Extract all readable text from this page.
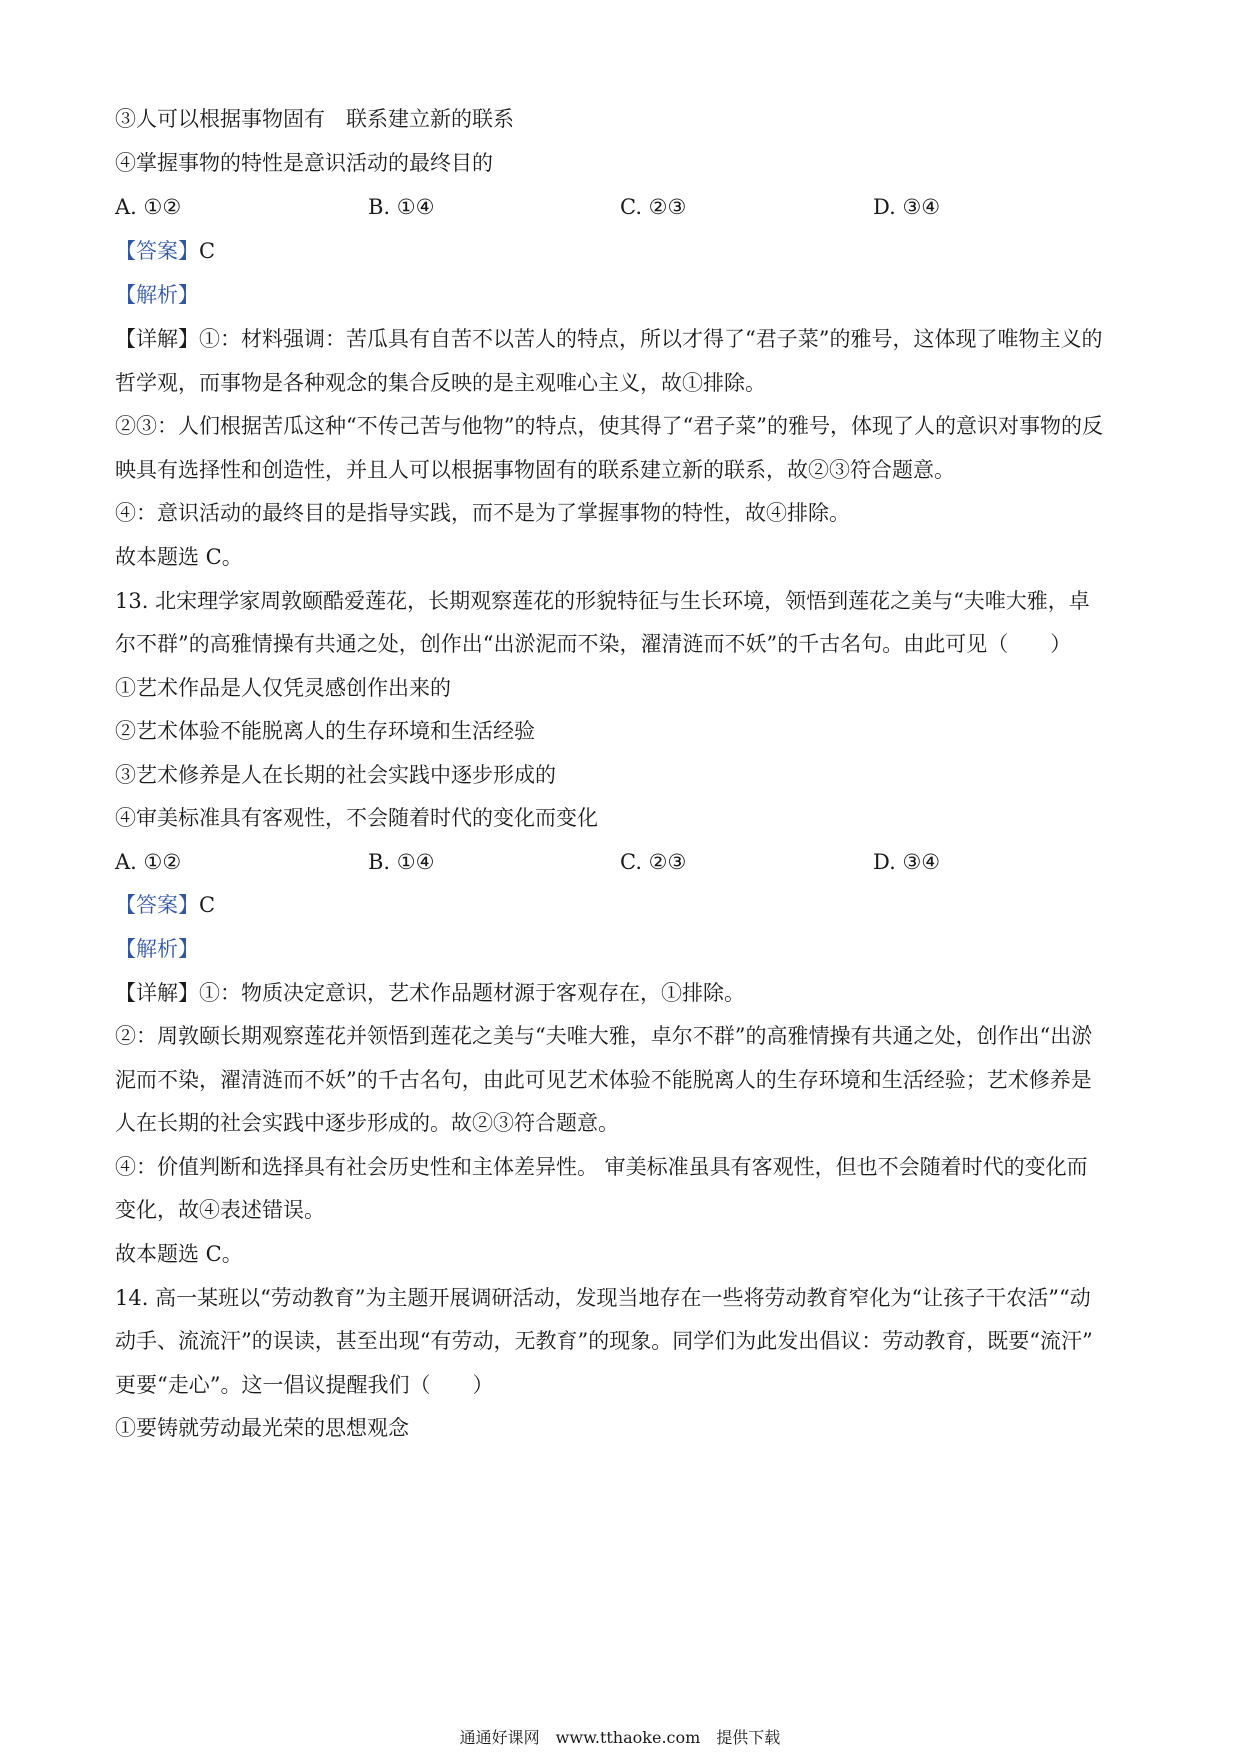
③人可以根据事物固有　联系建立新的联系
④掌握事物的特性是意识活动的最终目的
A. ①②	B. ①④	C. ②③	D. ③④
【答案】C
【解析】
【详解】①：材料强调：苦瓜具有自苦不以苦人的特点，所以才得了“君子菜”的雅号，这体现了唯物主义的
哲学观，而事物是各种观念的集合反映的是主观唯心主义，故①排除。
②③：人们根据苦瓜这种“不传己苦与他物”的特点，使其得了“君子菜”的雅号，体现了人的意识对事物的反
映具有选择性和创造性，并且人可以根据事物固有的联系建立新的联系，故②③符合题意。
④：意识活动的最终目的是指导实践，而不是为了掌握事物的特性，故④排除。
故本题选 C。
13. 北宋理学家周敦颐酷爱莲花，长期观察莲花的形貌特征与生长环境，领悟到莲花之美与“夫唯大雅，卓
尔不群”的高雅情操有共通之处，创作出“出淤泥而不染，濯清涟而不妖”的千古名句。由此可见（　　）
①艺术作品是人仅凭灵感创作出来的
②艺术体验不能脱离人的生存环境和生活经验
③艺术修养是人在长期的社会实践中逐步形成的
④审美标准具有客观性，不会随着时代的变化而变化
A. ①②	B. ①④	C. ②③	D. ③④
【答案】C
【解析】
【详解】①：物质决定意识，艺术作品题材源于客观存在，①排除。
②：周敦颐长期观察莲花并领悟到莲花之美与“夫唯大雅，卓尔不群”的高雅情操有共通之处，创作出“出淤
泥而不染，濯清涟而不妖”的千古名句，由此可见艺术体验不能脱离人的生存环境和生活经验；艺术修养是
人在长期的社会实践中逐步形成的。故②③符合题意。
④：价值判断和选择具有社会历史性和主体差异性。 审美标准虽具有客观性，但也不会随着时代的变化而
变化，故④表述错误。
故本题选 C。
14. 高一某班以“劳动教育”为主题开展调研活动，发现当地存在一些将劳动教育窄化为“让孩子干农活”“动
动手、流流汗”的误读，甚至出现“有劳动，无教育”的现象。同学们为此发出倡议：劳动教育，既要“流汗”
更要“走心”。这一倡议提醒我们（　　）
①要铸就劳动最光荣的思想观念
通通好课网　www.tthaoke.com　提供下载
